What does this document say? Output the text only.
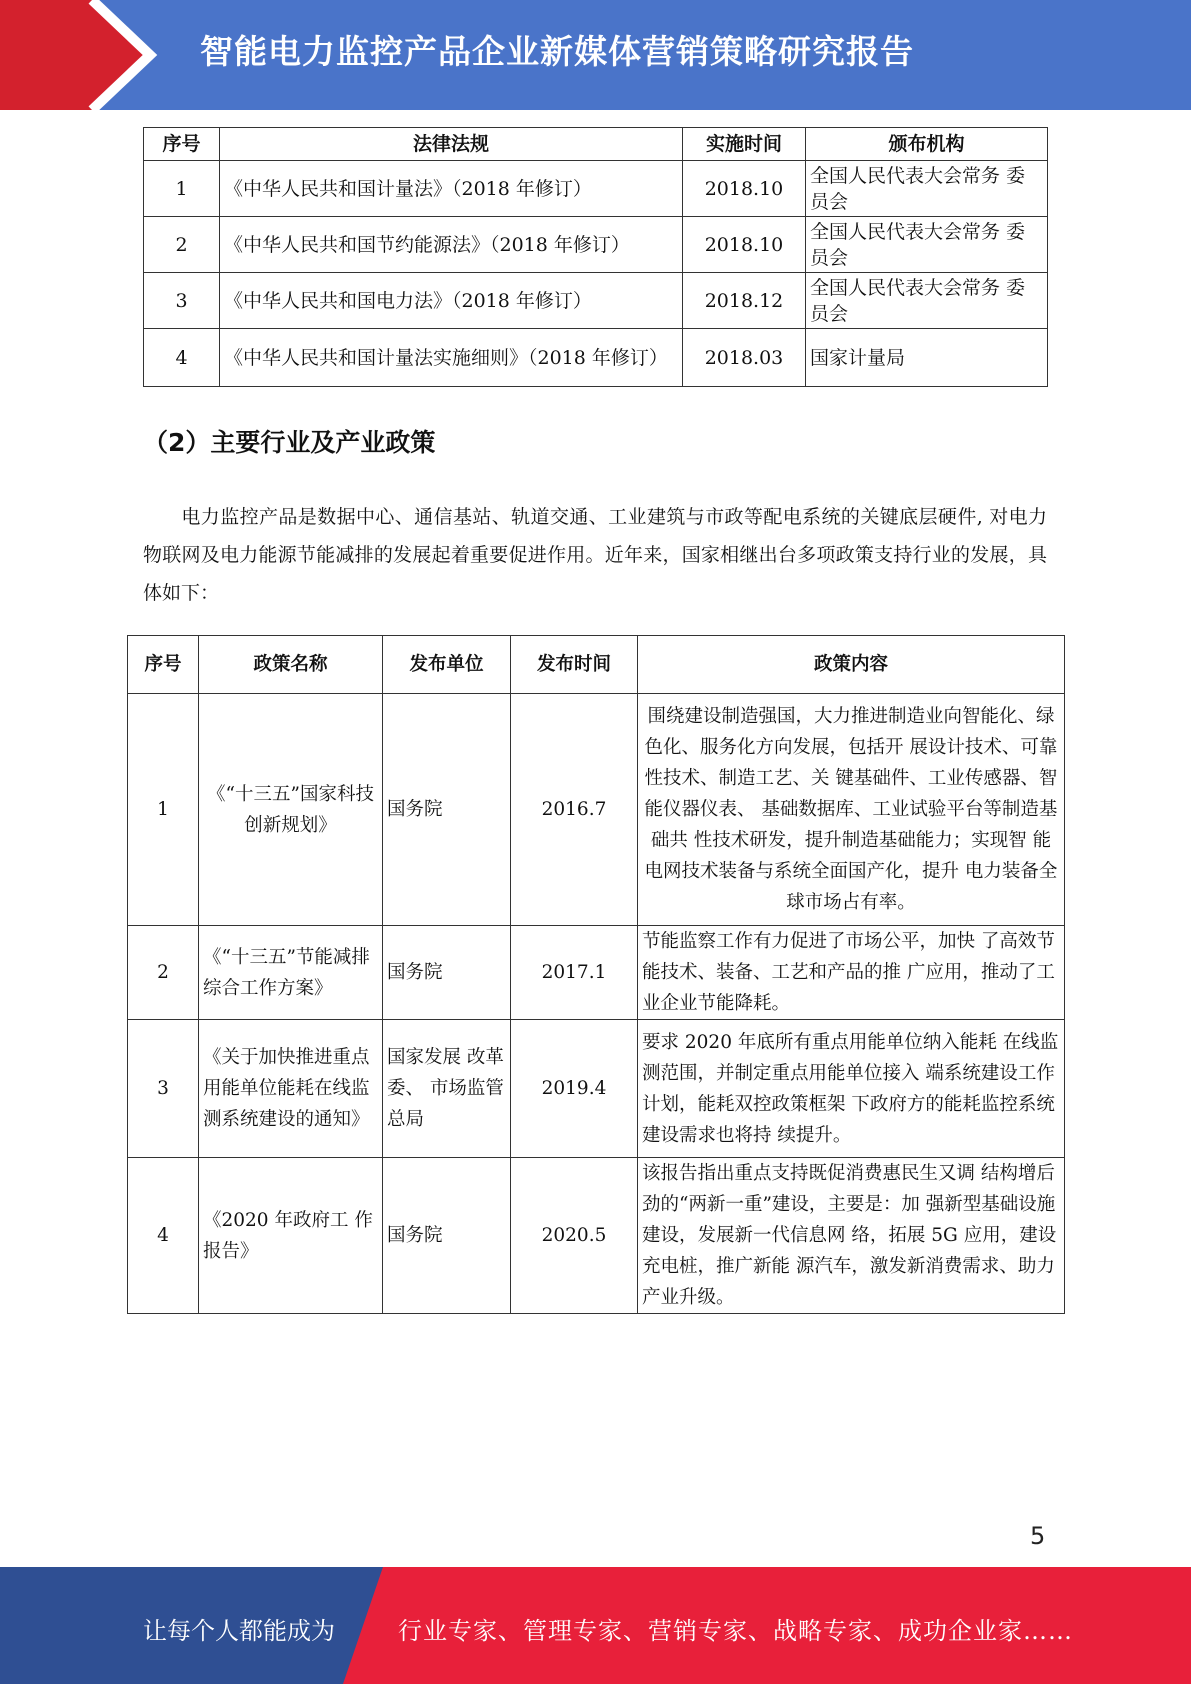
智能电力监控产品企业新媒体营销策略研究报告
序号	法律法规	实施时间	颁布机构
1	《中华人民共和国计量法》（2018 年修订）	2018.10	全国人民代表大会常务 委员会
2	《中华人民共和国节约能源法》（2018 年修订）	2018.10	全国人民代表大会常务 委员会
3	《中华人民共和国电力法》（2018 年修订）	2018.12	全国人民代表大会常务 委员会
4	《中华人民共和国计量法实施细则》（2018 年修订）	2018.03	国家计量局
（2）主要行业及产业政策
电力监控产品是数据中心、通信基站、轨道交通、工业建筑与市政等配电系统的关键底层硬件, 对电力物联网及电力能源节能减排的发展起着重要促进作用。近年来，国家相继出台多项政策支持行业的发展，具体如下：
序号	政策名称	发布单位	发布时间	政策内容
1	《“十三五”国家科技创新规划》	国务院	2016.7	围绕建设制造强国，大力推进制造业向智能化、绿色化、服务化方向发展，包括开 展设计技术、可靠性技术、制造工艺、关 键基础件、工业传感器、智能仪器仪表、 基础数据库、工业试验平台等制造基础共 性技术研发，提升制造基础能力；实现智 能电网技术装备与系统全面国产化，提升 电力装备全球市场占有率。
2	《“十三五”节能减排综合工作方案》	国务院	2017.1	节能监察工作有力促进了市场公平，加快 了高效节能技术、装备、工艺和产品的推 广应用，推动了工业企业节能降耗。
3	《关于加快推进重点用能单位能耗在线监测系统建设的通知》	国家发展 改革委、 市场监管 总局	2019.4	要求 2020 年底所有重点用能单位纳入能耗 在线监测范围，并制定重点用能单位接入 端系统建设工作计划，能耗双控政策框架 下政府方的能耗监控系统建设需求也将持 续提升。
4	《2020 年政府工 作报告》	国务院	2020.5	该报告指出重点支持既促消费惠民生又调 结构增后劲的“两新一重”建设，主要是：加 强新型基础设施建设，发展新一代信息网 络，拓展 5G 应用，建设充电桩，推广新能 源汽车，激发新消费需求、助力产业升级。
5
让每个人都能成为	行业专家、管理专家、营销专家、战略专家、成功企业家……
